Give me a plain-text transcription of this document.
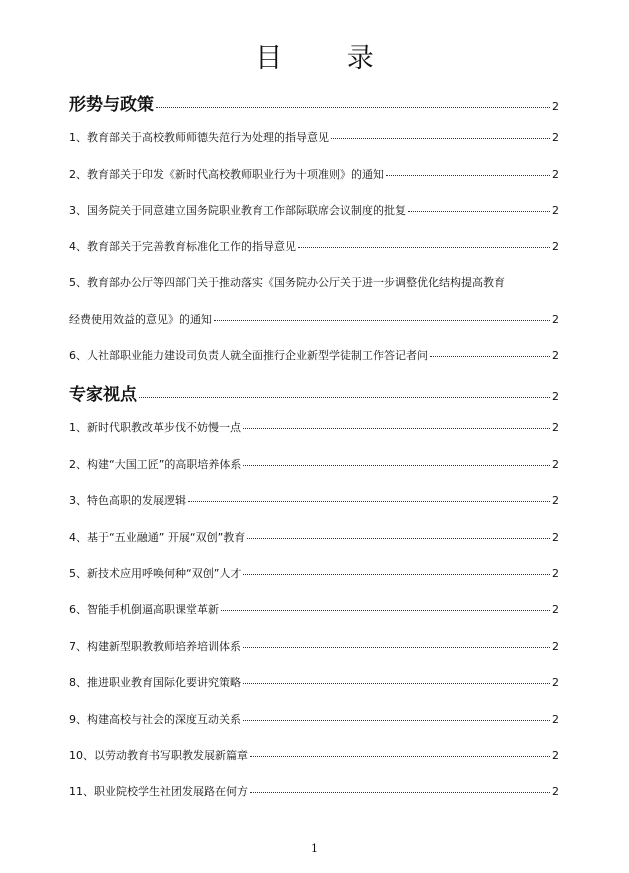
目 录
形势与政策	2
1、教育部关于高校教师师德失范行为处理的指导意见	2
2、教育部关于印发《新时代高校教师职业行为十项准则》的通知	2
3、国务院关于同意建立国务院职业教育工作部际联席会议制度的批复	2
4、教育部关于完善教育标准化工作的指导意见	2
5、教育部办公厅等四部门关于推动落实《国务院办公厅关于进一步调整优化结构提高教育
经费使用效益的意见》的通知	2
6、人社部职业能力建设司负责人就全面推行企业新型学徒制工作答记者问	2
专家视点	2
1、新时代职教改革步伐不妨慢一点	2
2、构建“大国工匠”的高职培养体系	2
3、特色高职的发展逻辑	2
4、基于“五业融通” 开展“双创”教育	2
5、新技术应用呼唤何种“双创”人才	2
6、智能手机倒逼高职课堂革新	2
7、构建新型职教教师培养培训体系	2
8、推进职业教育国际化要讲究策略	2
9、构建高校与社会的深度互动关系	2
10、以劳动教育书写职教发展新篇章	2
11、职业院校学生社团发展路在何方	2
1
